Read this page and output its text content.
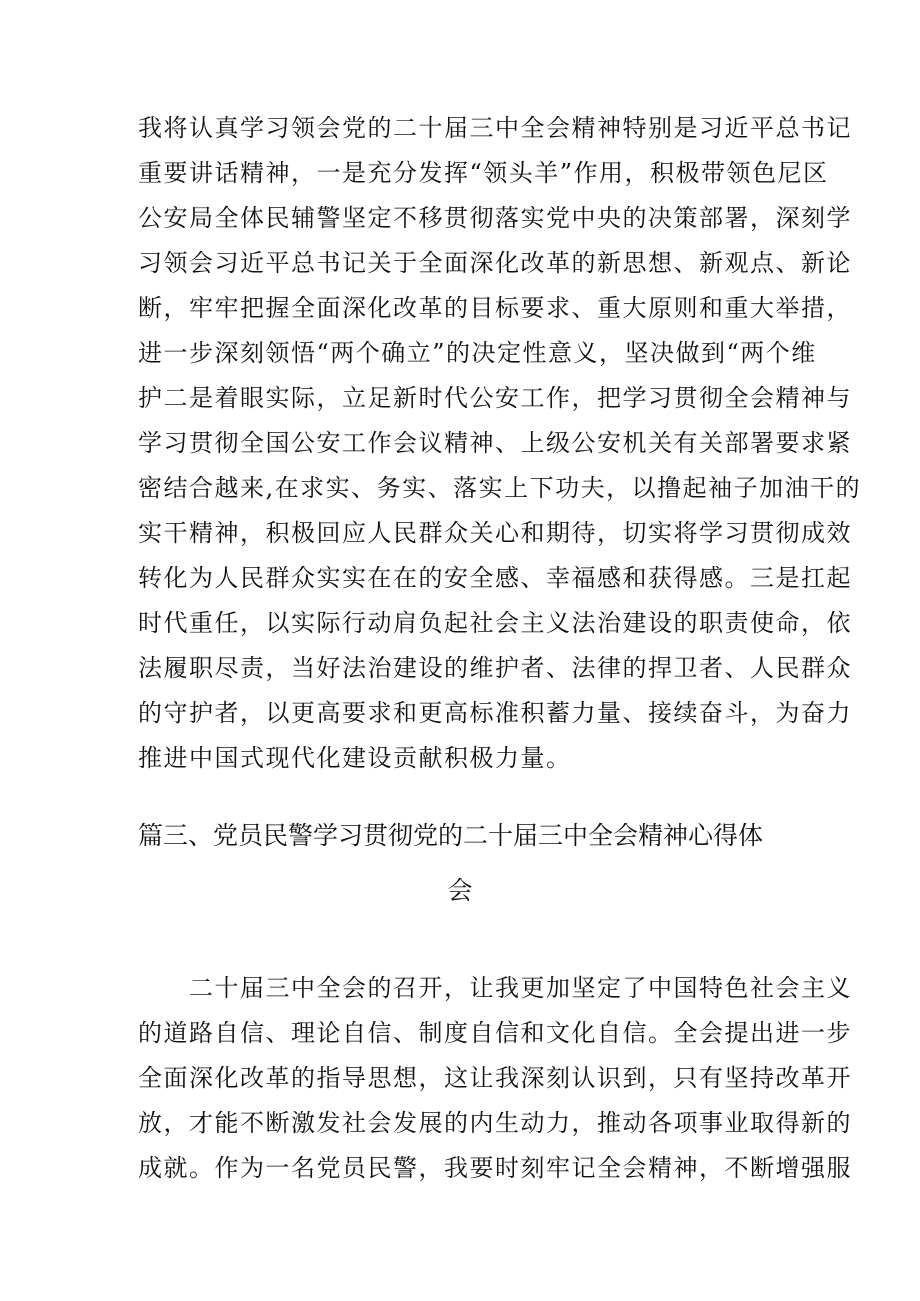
我将认真学习领会党的二十届三中全会精神特别是习近平总书记
重要讲话精神，一是充分发挥“领头羊”作用，积极带领色尼区
公安局全体民辅警坚定不移贯彻落实党中央的决策部署，深刻学
习领会习近平总书记关于全面深化改革的新思想、新观点、新论
断，牢牢把握全面深化改革的目标要求、重大原则和重大举措，
进一步深刻领悟“两个确立”的决定性意义，坚决做到“两个维
护二是着眼实际，立足新时代公安工作，把学习贯彻全会精神与
学习贯彻全国公安工作会议精神、上级公安机关有关部署要求紧
密结合越来,在求实、务实、落实上下功夫，以撸起袖子加油干的
实干精神，积极回应人民群众关心和期待，切实将学习贯彻成效
转化为人民群众实实在在的安全感、幸福感和获得感。三是扛起
时代重任，以实际行动肩负起社会主义法治建设的职责使命，依
法履职尽责，当好法治建设的维护者、法律的捍卫者、人民群众
的守护者，以更高要求和更高标准积蓄力量、接续奋斗，为奋力
推进中国式现代化建设贡献积极力量。
篇三、党员民警学习贯彻党的二十届三中全会精神心得体
会
　　二十届三中全会的召开，让我更加坚定了中国特色社会主义
的道路自信、理论自信、制度自信和文化自信。全会提出进一步
全面深化改革的指导思想，这让我深刻认识到，只有坚持改革开
放，才能不断激发社会发展的内生动力，推动各项事业取得新的
成就。作为一名党员民警，我要时刻牢记全会精神，不断增强服
